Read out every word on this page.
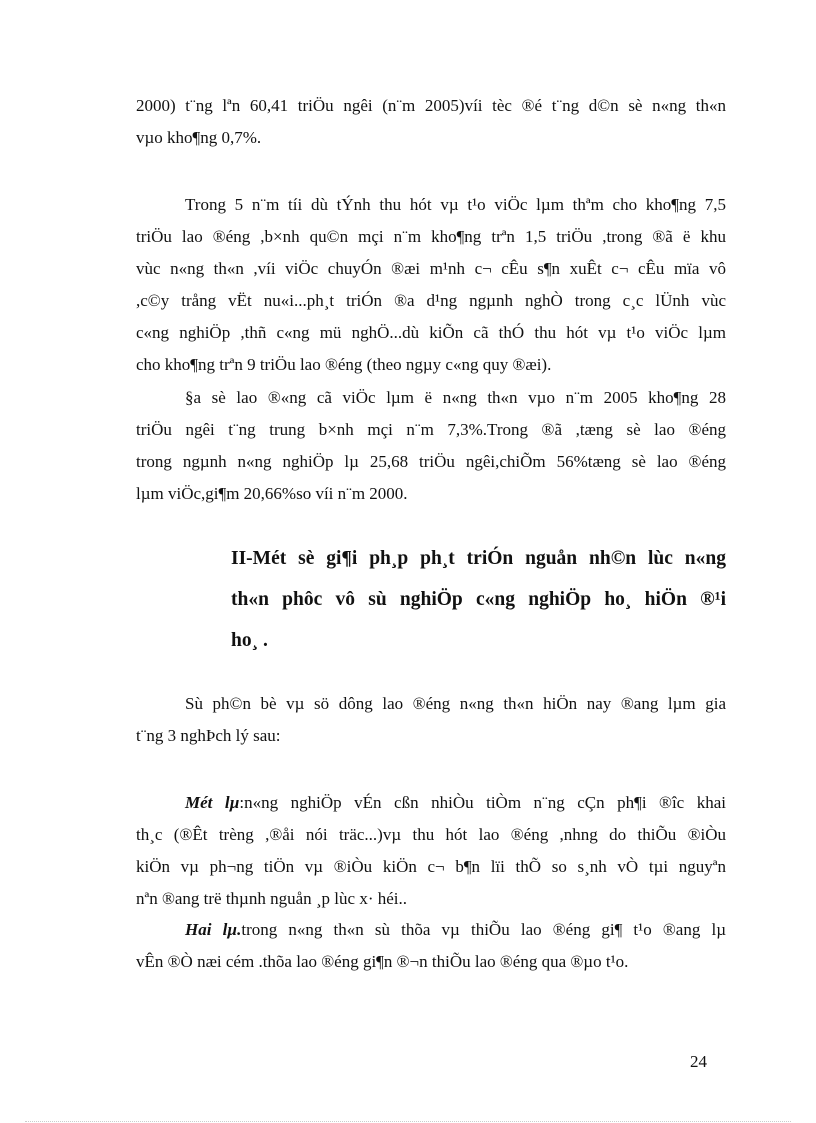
2000) t¨ng lªn 60,41 triÖu ngêi (n¨m 2005)víi tèc ®é t¨ng d©n sè n«ng th«n
vµo kho¶ng 0,7%.

Trong 5 n¨m tíi dù tÝnh thu hót vµ t¹o viÖc lµm thªm cho kho¶ng 7,5
triÖu lao ®éng ,b×nh qu©n mçi n¨m kho¶ng trªn 1,5 triÖu ,trong ®ã ë khu
vùc n«ng th«n ,víi viÖc chuyÓn ®æi m¹nh c¬ cÊu s¶n xuÊt c¬ cÊu mïa vô
,c©y trång vËt nu«i...ph¸t triÓn ®a d¹ng ngµnh nghÒ trong c¸c lÜnh vùc
c«ng nghiÖp ,thñ c«ng mü nghÖ...dù kiÕn cã thÓ thu hót vµ t¹o viÖc lµm
cho kho¶ng trªn 9 triÖu lao ®éng (theo ngµy c«ng quy ®æi).

§a sè lao ®«ng cã viÖc lµm ë n«ng th«n vµo n¨m 2005 kho¶ng 28
triÖu ngêi t¨ng trung b×nh mçi n¨m 7,3%.Trong ®ã ,tæng sè lao ®éng
trong ngµnh n«ng nghiÖp lµ 25,68 triÖu ngêi,chiÕm 56%tæng sè lao ®éng
lµm viÖc,gi¶m 20,66%so víi n¨m 2000.

II-Mét sè gi¶i ph¸p ph¸t triÓn nguån nh©n lùc n«ng
th«n phôc vô sù nghiÖp c«ng nghiÖp ho¸ hiÖn ®¹i
ho¸ .

Sù ph©n bè vµ sö dông lao ®éng n«ng th«n hiÖn nay ®ang lµm gia
t¨ng 3 nghÞch lý sau:

Mét lµ:n«ng nghiÖp vÉn cßn nhiÒu tiÒm n¨ng cÇn ph¶i ®îc khai
th¸c (®Êt trèng ,®åi nói träc...)vµ thu hót lao ®éng ,nhng do thiÕu ®iÒu
kiÖn vµ ph¬ng tiÖn vµ ®iÒu kiÖn c¬ b¶n lïi thÕ so s¸nh vÒ tµi nguyªn
nªn ®ang trë thµnh nguån ¸p lùc x· héi..

Hai lµ.trong n«ng th«n sù thõa vµ thiÕu lao ®éng gi¶ t¹o ®ang lµ
vÊn ®Ò næi cém .thõa lao ®éng gi¶n ®¬n thiÕu lao ®éng qua ®µo t¹o.

24
